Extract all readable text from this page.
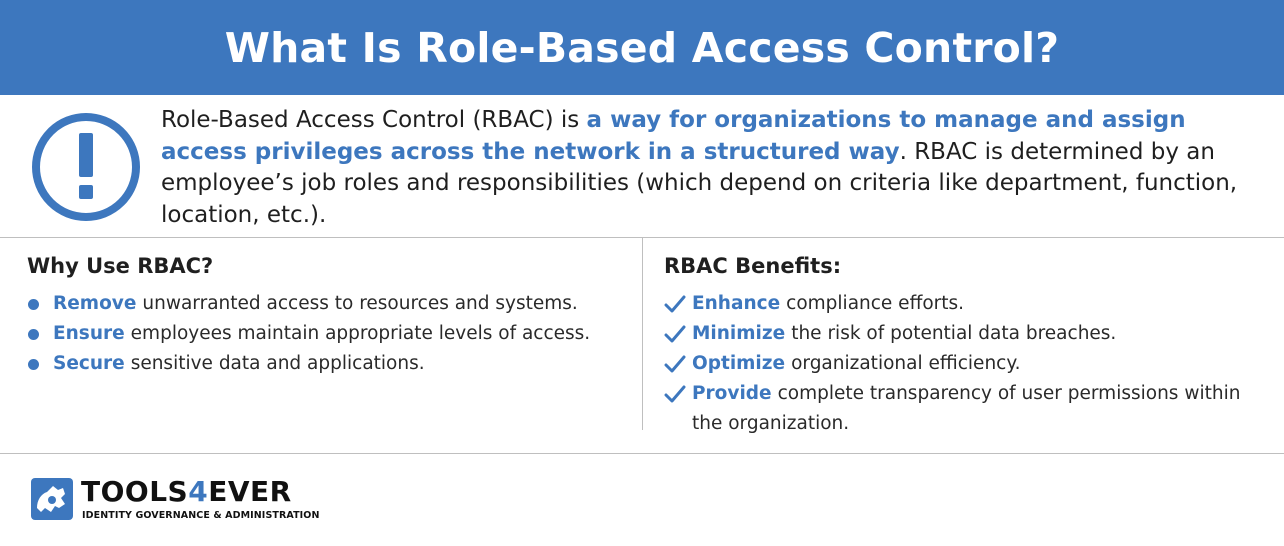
What Is Role-Based Access Control?

Role-Based Access Control (RBAC) is a way for organizations to manage and assign access privileges across the network in a structured way. RBAC is determined by an employee’s job roles and responsibilities (which depend on criteria like department, function, location, etc.).

Why Use RBAC?
Remove unwarranted access to resources and systems.
Ensure employees maintain appropriate levels of access.
Secure sensitive data and applications.
RBAC Benefits:
Enhance compliance efforts.
Minimize the risk of potential data breaches.
Optimize organizational efficiency.
Provide complete transparency of user permissions within the organization.
TOOLS4EVER
IDENTITY GOVERNANCE & ADMINISTRATION
